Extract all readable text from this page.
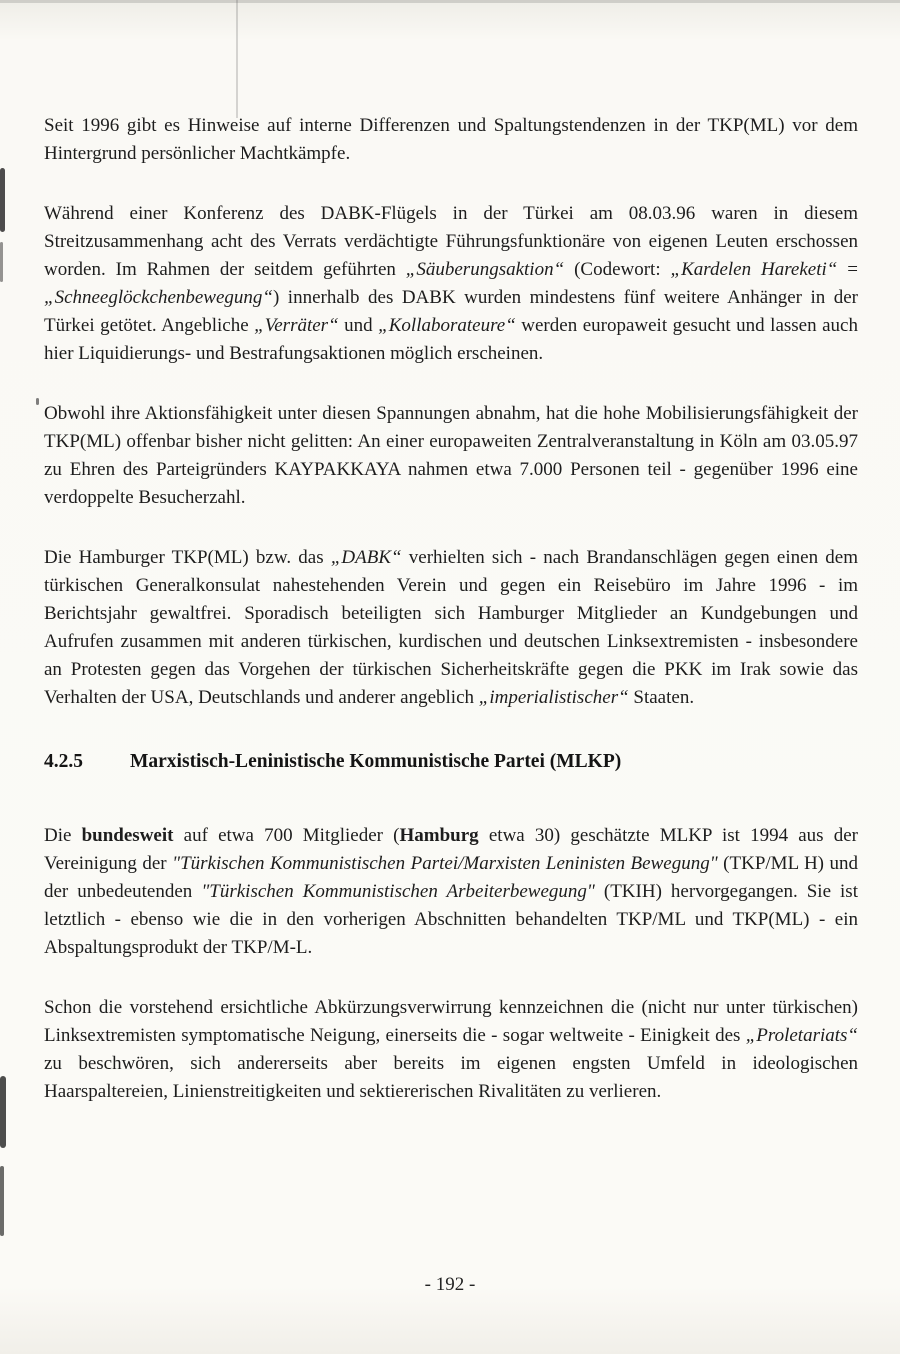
Seit 1996 gibt es Hinweise auf interne Differenzen und Spaltungstendenzen in der TKP(ML) vor dem Hintergrund persönlicher Machtkämpfe.

Während einer Konferenz des DABK-Flügels in der Türkei am 08.03.96 waren in diesem Streitzusammenhang acht des Verrats verdächtigte Führungsfunktionäre von eigenen Leuten erschossen worden. Im Rahmen der seitdem geführten „Säuberungsaktion“ (Codewort: „Kardelen Hareketi“ = „Schneeglöckchenbewegung“) innerhalb des DABK wurden mindestens fünf weitere Anhänger in der Türkei getötet. Angebliche „Verräter“ und „Kollaborateure“ werden europaweit gesucht und lassen auch hier Liquidierungs- und Bestrafungsaktionen möglich erscheinen.

Obwohl ihre Aktionsfähigkeit unter diesen Spannungen abnahm, hat die hohe Mobilisierungsfähigkeit der TKP(ML) offenbar bisher nicht gelitten: An einer europaweiten Zentralveranstaltung in Köln am 03.05.97 zu Ehren des Parteigründers KAYPAKKAYA nahmen etwa 7.000 Personen teil - gegenüber 1996 eine verdoppelte Besucherzahl.

Die Hamburger TKP(ML) bzw. das „DABK“ verhielten sich - nach Brandanschlägen gegen einen dem türkischen Generalkonsulat nahestehenden Verein und gegen ein Reisebüro im Jahre 1996 - im Berichtsjahr gewaltfrei. Sporadisch beteiligten sich Hamburger Mitglieder an Kundgebungen und Aufrufen zusammen mit anderen türkischen, kurdischen und deutschen Linksextremisten - insbesondere an Protesten gegen das Vorgehen der türkischen Sicherheitskräfte gegen die PKK im Irak sowie das Verhalten der USA, Deutschlands und anderer angeblich „imperialistischer“ Staaten.

4.2.5	Marxistisch-Leninistische Kommunistische Partei (MLKP)

Die bundesweit auf etwa 700 Mitglieder (Hamburg etwa 30) geschätzte MLKP ist 1994 aus der Vereinigung der "Türkischen Kommunistischen Partei/Marxisten Leninisten Bewegung" (TKP/ML H) und der unbedeutenden "Türkischen Kommunistischen Arbeiterbewegung" (TKIH) hervorgegangen. Sie ist letztlich - ebenso wie die in den vorherigen Abschnitten behandelten TKP/ML und TKP(ML) - ein Abspaltungsprodukt der TKP/M-L.

Schon die vorstehend ersichtliche Abkürzungsverwirrung kennzeichnen die (nicht nur unter türkischen) Linksextremisten symptomatische Neigung, einerseits die - sogar weltweite - Einigkeit des „Proletariats“ zu beschwören, sich andererseits aber bereits im eigenen engsten Umfeld in ideologischen Haarspaltereien, Linienstreitigkeiten und sektiererischen Rivalitäten zu verlieren.

- 192 -
